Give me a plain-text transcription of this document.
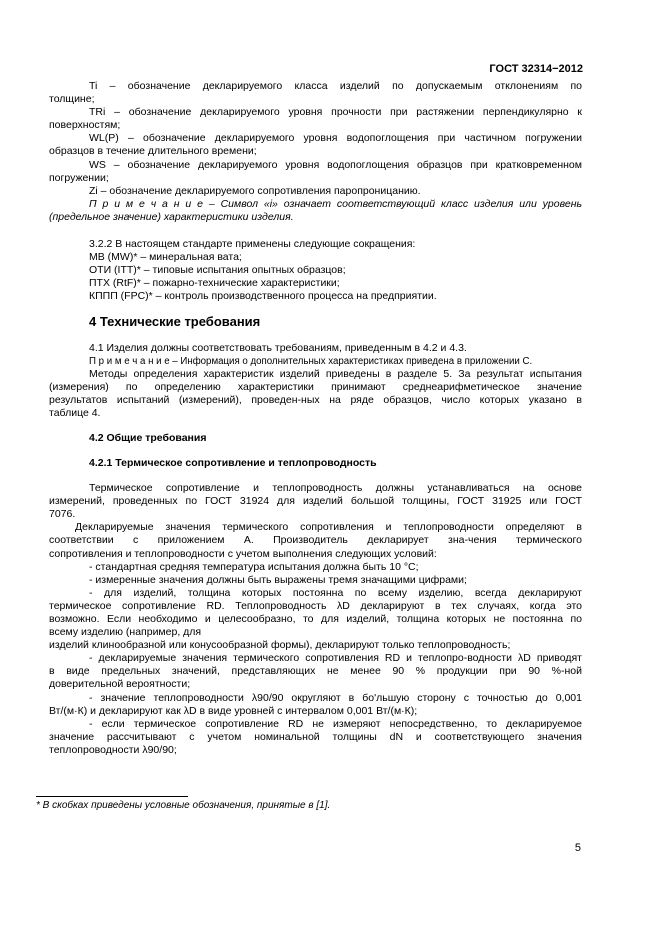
ГОСТ 32314−2012
Ti – обозначение декларируемого класса изделий по допускаемым отклонениям по
толщине;
TRi – обозначение декларируемого уровня прочности при растяжении перпендикулярно к
поверхностям;
WL(P) – обозначение декларируемого уровня водопоглощения при частичном погружении
образцов в течение длительного времени;
WS – обозначение декларируемого уровня водопоглощения образцов при кратковременном
погружении;
Zi – обозначение декларируемого сопротивления паропроницанию.
П р и м е ч а н и е – Символ «i» означает соответствующий класс изделия или уровень
(предельное значение) характеристики изделия.
3.2.2 В настоящем стандарте применены следующие сокращения:
МВ (MW)* – минеральная вата;
ОТИ (ITT)* – типовые испытания опытных образцов;
ПТХ (RtF)* – пожарно-технические характеристики;
КППП (FPC)* – контроль производственного процесса на предприятии.
4 Технические требования
4.1 Изделия должны соответствовать требованиям, приведенным в 4.2 и 4.3.
П р и м е ч а н и е – Информация о дополнительных характеристиках приведена в приложении С.
Методы определения характеристик изделий приведены в разделе 5. За результат испытания
(измерения) по определению характеристики принимают среднеарифметическое значение
результатов испытаний (измерений), проведен-ных на ряде образцов, число которых указано в
таблице 4.
4.2 Общие требования
4.2.1 Термическое сопротивление и теплопроводность
Термическое сопротивление и теплопроводность должны устанавливаться на основе
измерений, проведенных по ГОСТ 31924 для изделий большой толщины, ГОСТ 31925 или ГОСТ
7076.
Декларируемые значения термического сопротивления и теплопроводности определяют в
соответствии с приложением А. Производитель декларирует зна-чения термического
сопротивления и теплопроводности с учетом выполнения следующих условий:
- стандартная средняя температура испытания должна быть 10 °С;
- измеренные значения должны быть выражены тремя значащими цифрами;
- для изделий, толщина которых постоянна по всему изделию, всегда декларируют
термическое сопротивление RD. Теплопроводность λD декларируют в тех случаях, когда это
возможно. Если необходимо и целесообразно, то для изделий, толщина которых не постоянна по
всему изделию (например, для
изделий клинообразной или конусообразной формы), декларируют только теплопроводность;
- декларируемые значения термического сопротивления RD и теплопро-водности λD приводят
в виде предельных значений, представляющих не менее 90 % продукции при 90 %-ной
доверительной вероятности;
- значение теплопроводности λ90/90 округляют в бо'льшую сторону с точностью до 0,001
Вт/(м·К) и декларируют как λD в виде уровней с интервалом 0,001 Вт/(м·К);
- если термическое сопротивление RD не измеряют непосредственно, то декларируемое
значение рассчитывают с учетом номинальной толщины dN и соответствующего значения
теплопроводности λ90/90;
* В скобках приведены условные обозначения, принятые в [1].
5
